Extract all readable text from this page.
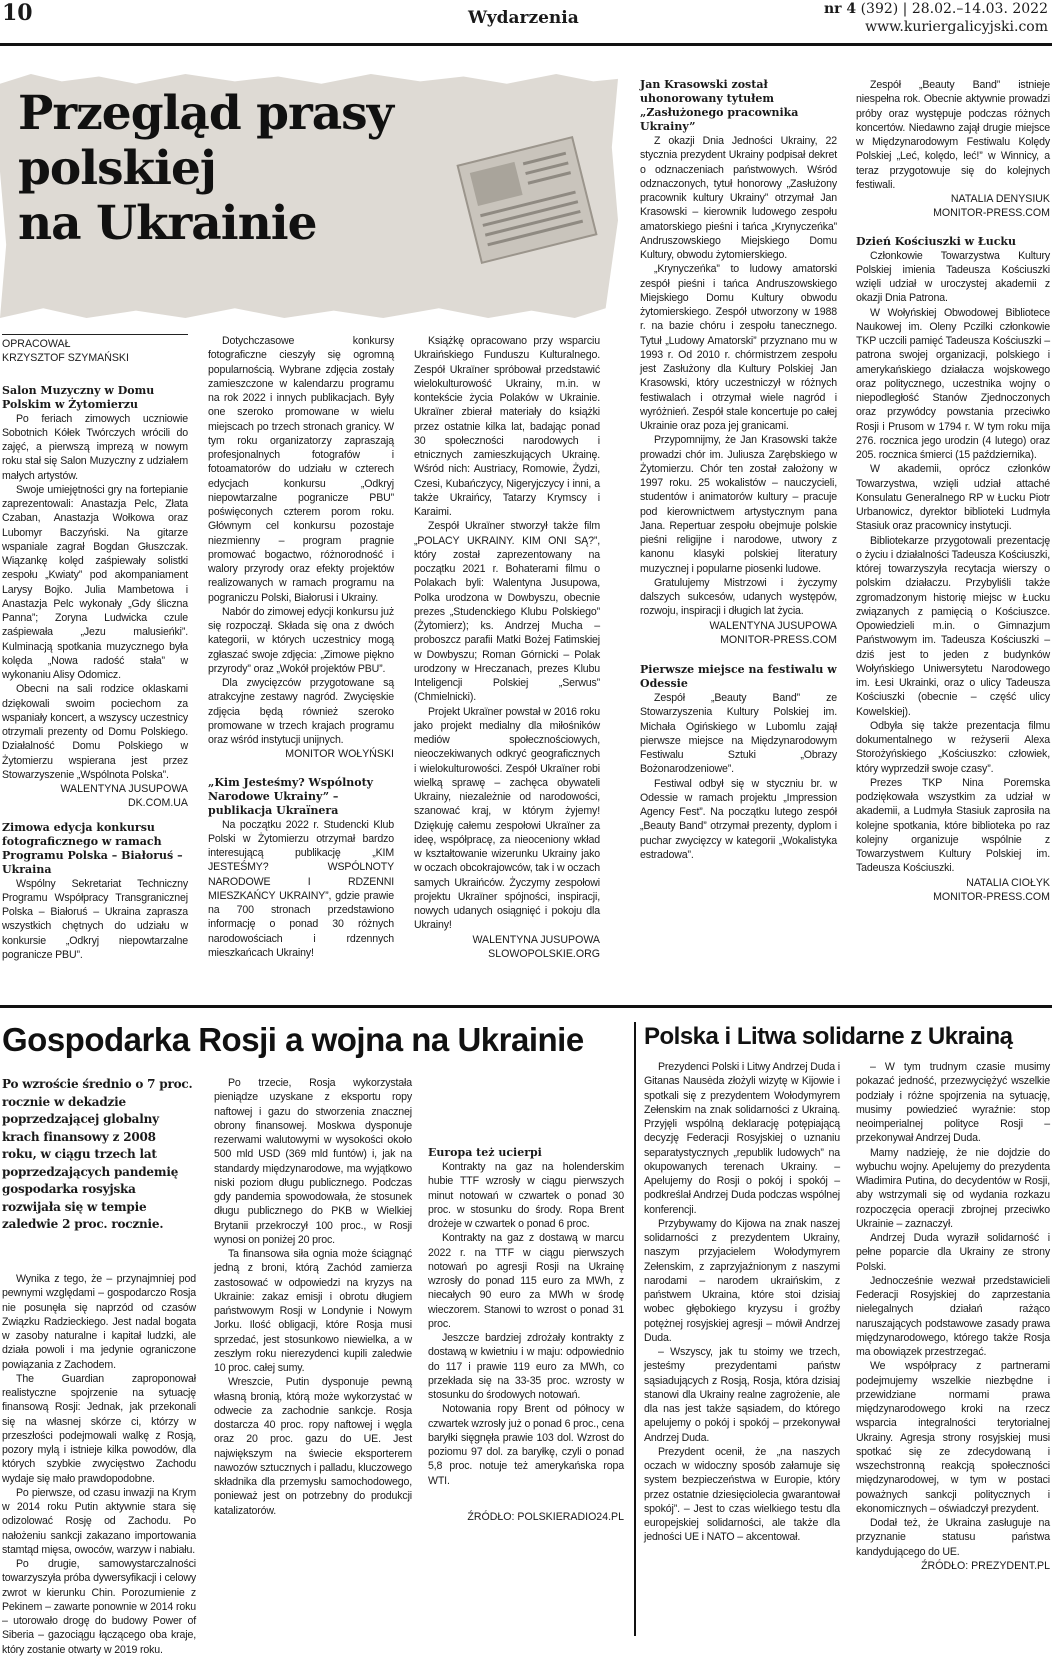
10	Wydarzenia	nr 4 (392) | 28.02.–14.03. 2022
www.kuriergalicyjski.com
Przegląd prasy
polskiej
na Ukrainie
OPRACOWAŁ
KRZYSZTOF SZYMAŃSKI
Salon Muzyczny w Domu Polskim w Żytomierzu

Po feriach zimowych uczniowie Sobotnich Kółek Twórczych wrócili do zajęć, a pierwszą imprezą w nowym roku stał się Salon Muzyczny z udziałem małych artystów.

Swoje umiejętności gry na fortepianie zaprezentowali: Anastazja Pelc, Złata Czaban, Anastazja Wołkowa oraz Lubomyr Baczyński. Na gitarze wspaniale zagrał Bogdan Głuszczak. Wiązankę kolęd zaśpiewały solistki zespołu „Kwiaty” pod akompaniament Larysy Bojko. Julia Mambetowa i Anastazja Pelc wykonały „Gdy śliczna Panna”; Zoryna Ludwicka czule zaśpiewała „Jezu malusieńki”. Kulminacją spotkania muzycznego była kolęda „Nowa radość stała” w wykonaniu Alisy Odomicz.

Obecni na sali rodzice oklaskami dziękowali swoim pociechom za wspaniały koncert, a wszyscy uczestnicy otrzymali prezenty od Domu Polskiego. Działalność Domu Polskiego w Żytomierzu wspierana jest przez Stowarzyszenie „Wspólnota Polska”.

WALENTYNA JUSUPOWA
DK.COM.UA
Zimowa edycja konkursu fotograficznego w ramach Programu Polska – Białoruś – Ukraina

Wspólny Sekretariat Techniczny Programu Współpracy Transgranicznej Polska – Białoruś – Ukraina zaprasza wszystkich chętnych do udziału w konkursie „Odkryj niepowtarzalne pogranicze PBU”.

Dotychczasowe konkursy fotograficzne cieszyły się ogromną popularnością. Wybrane zdjęcia zostały zamieszczone w kalendarzu programu na rok 2022 i innych publikacjach. Były one szeroko promowane w wielu miejscach po trzech stronach granicy. W tym roku organizatorzy zapraszają profesjonalnych fotografów i fotoamatorów do udziału w czterech edycjach konkursu „Odkryj niepowtarzalne pogranicze PBU” poświęconych czterem porom roku. Głównym cel konkursu pozostaje niezmienny – program pragnie promować bogactwo, różnorodność i walory przyrody oraz efekty projektów realizowanych w ramach programu na pograniczu Polski, Białorusi i Ukrainy.

Nabór do zimowej edycji konkursu już się rozpoczął. Składa się ona z dwóch kategorii, w których uczestnicy mogą zgłaszać swoje zdjęcia: „Zimowe piękno przyrody” oraz „Wokół projektów PBU”.

Dla zwycięzców przygotowane są atrakcyjne zestawy nagród. Zwycięskie zdjęcia będą również szeroko promowane w trzech krajach programu oraz wśród instytucji unijnych.

MONITOR WOŁYŃSKI
„Kim Jesteśmy? Wspólnoty Narodowe Ukrainy” – publikacja Ukraїnera

Na początku 2022 r. Studencki Klub Polski w Żytomierzu otrzymał bardzo interesującą publikację „KIM JESTEŚMY? WSPÓLNOTY NARODOWE I RDZENNI MIESZKAŃCY UKRAINY”, gdzie prawie na 700 stronach przedstawiono informację o ponad 30 różnych narodowościach i rdzennych mieszkańcach Ukrainy!

Książkę opracowano przy wsparciu Ukraińskiego Funduszu Kulturalnego. Zespół Ukraїner spróbował przedstawić wielokulturowość Ukrainy, m.in. w kontekście życia Polaków w Ukrainie. Ukraїner zbierał materiały do książki przez ostatnie kilka lat, badając ponad 30 społeczności narodowych i etnicznych zamieszkujących Ukrainę. Wśród nich: Austriacy, Romowie, Żydzi, Czesi, Kubańczycy, Nigeryjczycy i inni, a także Ukraińcy, Tatarzy Krymscy i Karaimi.

Zespół Ukraїner stworzył także film „POLACY UKRAINY. KIM ONI SĄ?”, który został zaprezentowany na początku 2021 r. Bohaterami filmu o Polakach byli: Walentyna Jusupowa, Polka urodzona w Dowbyszu, obecnie prezes „Studenckiego Klubu Polskiego” (Żytomierz); ks. Andrzej Mucha – proboszcz parafii Matki Bożej Fatimskiej w Dowbyszu; Roman Górnicki – Polak urodzony w Hreczanach, prezes Klubu Inteligencji Polskiej „Serwus” (Chmielnicki).

Projekt Ukraїner powstał w 2016 roku jako projekt medialny dla miłośników mediów społecznościowych, nieoczekiwanych odkryć geograficznych i wielokulturowości. Zespół Ukraїner robi wielką sprawę – zachęca obywateli Ukrainy, niezależnie od narodowości, szanować kraj, w którym żyjemy! Dziękuję całemu zespołowi Ukraїner za ideę, współpracę, za nieoceniony wkład w kształtowanie wizerunku Ukrainy jako w oczach obcokrajowców, tak i w oczach samych Ukraińców. Życzymy zespołowi projektu Ukraїner spójności, inspiracji, nowych udanych osiągnięć i pokoju dla Ukrainy!

WALENTYNA JUSUPOWA
SLOWOPOLSKIE.ORG
Jan Krasowski został uhonorowany tytułem „Zasłużonego pracownika Ukrainy”

Z okazji Dnia Jedności Ukrainy, 22 stycznia prezydent Ukrainy podpisał dekret o odznaczeniach państwowych. Wśród odznaczonych, tytuł honorowy „Zasłużony pracownik kultury Ukrainy” otrzymał Jan Krasowski – kierownik ludowego zespołu amatorskiego pieśni i tańca „Krynyczeńka” Andruszowskiego Miejskiego Domu Kultury, obwodu żytomierskiego.

„Krynyczeńka” to ludowy amatorski zespół pieśni i tańca Andruszowskiego Miejskiego Domu Kultury obwodu żytomierskiego. Zespół utworzony w 1988 r. na bazie chóru i zespołu tanecznego. Tytuł „Ludowy Amatorski” przyznano mu w 1993 r. Od 2010 r. chórmistrzem zespołu jest Zasłużony dla Kultury Polskiej Jan Krasowski, który uczestniczył w różnych festiwalach i otrzymał wiele nagród i wyróżnień. Zespół stale koncertuje po całej Ukrainie oraz poza jej granicami.

Przypomnijmy, że Jan Krasowski także prowadzi chór im. Juliusza Zarębskiego w Żytomierzu. Chór ten został założony w 1997 roku. 25 wokalistów – nauczycieli, studentów i animatorów kultury – pracuje pod kierownictwem artystycznym pana Jana. Repertuar zespołu obejmuje polskie pieśni religijne i narodowe, utwory z kanonu klasyki polskiej literatury muzycznej i popularne piosenki ludowe.

Gratulujemy Mistrzowi i życzymy dalszych sukcesów, udanych występów, rozwoju, inspiracji i długich lat życia.

WALENTYNA JUSUPOWA
MONITOR-PRESS.COM
Pierwsze miejsce na festiwalu w Odessie

Zespół „Beauty Band” ze Stowarzyszenia Kultury Polskiej im. Michała Ogińskiego w Lubomlu zajął pierwsze miejsce na Międzynarodowym Festiwalu Sztuki „Obrazy Bożonarodzeniowe”.

Festiwal odbył się w styczniu br. w Odessie w ramach projektu „Impression Agency Fest”. Na początku lutego zespół „Beauty Band” otrzymał prezenty, dyplom i puchar zwycięzcy w kategorii „Wokalistyka estradowa”.

Zespół „Beauty Band” istnieje niespełna rok. Obecnie aktywnie prowadzi próby oraz występuje podczas różnych koncertów. Niedawno zajął drugie miejsce w Międzynarodowym Festiwalu Kolędy Polskiej „Leć, kolędo, leć!” w Winnicy, a teraz przygotowuje się do kolejnych festiwali.

NATALIA DENYSIUK
MONITOR-PRESS.COM
Dzień Kościuszki w Łucku

Członkowie Towarzystwa Kultury Polskiej imienia Tadeusza Kościuszki wzięli udział w uroczystej akademii z okazji Dnia Patrona.

W Wołyńskiej Obwodowej Bibliotece Naukowej im. Oleny Pczilki członkowie TKP uczcili pamięć Tadeusza Kościuszki – patrona swojej organizacji, polskiego i amerykańskiego działacza wojskowego oraz politycznego, uczestnika wojny o niepodległość Stanów Zjednoczonych oraz przywódcy powstania przeciwko Rosji i Prusom w 1794 r. W tym roku mija 276. rocznica jego urodzin (4 lutego) oraz 205. rocznica śmierci (15 października).

W akademii, oprócz członków Towarzystwa, wzięli udział attaché Konsulatu Generalnego RP w Łucku Piotr Urbanowicz, dyrektor biblioteki Ludmyła Stasiuk oraz pracownicy instytucji.

Bibliotekarze przygotowali prezentację o życiu i działalności Tadeusza Kościuszki, której towarzyszyła recytacja wierszy o polskim działaczu. Przybyliśli także zgromadzonym historię miejsc w Łucku związanych z pamięcią o Kościuszce. Opowiedzieli m.in. o Gimnazjum Państwowym im. Tadeusza Kościuszki – dziś jest to jeden z budynków Wołyńskiego Uniwersytetu Narodowego im. Łesi Ukrainki, oraz o ulicy Tadeusza Kościuszki (obecnie – część ulicy Kowelskiej).

Odbyła się także prezentacja filmu dokumentalnego w reżyserii Alexa Storożyńskiego „Kościuszko: człowiek, który wyprzedził swoje czasy”.

Prezes TKP Nina Poremska podziękowała wszystkim za udział w akademii, a Ludmyła Stasiuk zaprosiła na kolejne spotkania, które biblioteka po raz kolejny organizuje wspólnie z Towarzystwem Kultury Polskiej im. Tadeusza Kościuszki.

NATALIA CIOŁYK
MONITOR-PRESS.COM
Gospodarka Rosji a wojna na Ukrainie
Po wzroście średnio o 7 proc. rocznie w dekadzie poprzedzającej globalny krach finansowy z 2008 roku, w ciągu trzech lat poprzedzających pandemię gospodarka rosyjska rozwijała się w tempie zaledwie 2 proc. rocznie.

Wynika z tego, że – przynajmniej pod pewnymi względami – gospodarczo Rosja nie posunęła się naprzód od czasów Związku Radzieckiego. Jest nadal bogata w zasoby naturalne i kapitał ludzki, ale działa powoli i ma jedynie ograniczone powiązania z Zachodem.

The Guardian zaproponował realistyczne spojrzenie na sytuację finansową Rosji: Jednak, jak przekonali się na własnej skórze ci, którzy w przeszłości podejmowali walkę z Rosją, pozory mylą i istnieje kilka powodów, dla których szybkie zwycięstwo Zachodu wydaje się mało prawdopodobne.

Po pierwsze, od czasu inwazji na Krym w 2014 roku Putin aktywnie stara się odizolować Rosję od Zachodu. Po nałożeniu sankcji zakazano importowania stamtąd mięsa, owoców, warzyw i nabiału.

Po drugie, samowystarczalności towarzyszyła próba dywersyfikacji i celowy zwrot w kierunku Chin. Porozumienie z Pekinem – zawarte ponownie w 2014 roku – utorowało drogę do budowy Power of Siberia – gazociągu łączącego oba kraje, który zostanie otwarty w 2019 roku.

Po trzecie, Rosja wykorzystała pieniądze uzyskane z eksportu ropy naftowej i gazu do stworzenia znacznej obrony finansowej. Moskwa dysponuje rezerwami walutowymi w wysokości około 500 mld USD (369 mld funtów) i, jak na standardy międzynarodowe, ma wyjątkowo niski poziom długu publicznego. Podczas gdy pandemia spowodowała, że stosunek długu publicznego do PKB w Wielkiej Brytanii przekroczył 100 proc., w Rosji wynosi on poniżej 20 proc.

Ta finansowa siła ognia może ściągnąć jedną z broni, którą Zachód zamierza zastosować w odpowiedzi na kryzys na Ukrainie: zakaz emisji i obrotu długiem państwowym Rosji w Londynie i Nowym Jorku. Ilość obligacji, które Rosja musi sprzedać, jest stosunkowo niewielka, a w zeszłym roku nierezydenci kupili zaledwie 10 proc. całej sumy.

Wreszcie, Putin dysponuje pewną własną bronią, którą może wykorzystać w odwecie za zachodnie sankcje. Rosja dostarcza 40 proc. ropy naftowej i węgla oraz 20 proc. gazu do UE. Jest największym na świecie eksporterem nawozów sztucznych i palladu, kluczowego składnika dla przemysłu samochodowego, ponieważ jest on potrzebny do produkcji katalizatorów.

Europa też ucierpi

Kontrakty na gaz na holenderskim hubie TTF wzrosły w ciągu pierwszych minut notowań w czwartek o ponad 30 proc. w stosunku do środy. Ropa Brent drożeje w czwartek o ponad 6 proc.

Kontrakty na gaz z dostawą w marcu 2022 r. na TTF w ciągu pierwszych notowań po agresji Rosji na Ukrainę wzrosły do ponad 115 euro za MWh, z niecałych 90 euro za MWh w środę wieczorem. Stanowi to wzrost o ponad 31 proc.

Jeszcze bardziej zdrożały kontrakty z dostawą w kwietniu i w maju: odpowiednio do 117 i prawie 119 euro za MWh, co przekłada się na 33-35 proc. wzrosty w stosunku do środowych notowań.

Notowania ropy Brent od północy w czwartek wzrosły już o ponad 6 proc., cena baryłki sięgnęła prawie 103 dol. Wzrost do poziomu 97 dol. za baryłkę, czyli o ponad 5,8 proc. notuje też amerykańska ropa WTI.

ŹRÓDŁO: POLSKIERADIO24.PL
Polska i Litwa solidarne z Ukrainą

Prezydenci Polski i Litwy Andrzej Duda i Gitanas Nausėda złożyli wizytę w Kijowie i spotkali się z prezydentem Wołodymyrem Zełenskim na znak solidarności z Ukrainą. Przyjęli wspólną deklarację potępiającą decyzję Federacji Rosyjskiej o uznaniu separatystycznych „republik ludowych” na okupowanych terenach Ukrainy. – Apelujemy do Rosji o pokój i spokój – podkreślał Andrzej Duda podczas wspólnej konferencji.

Przybywamy do Kijowa na znak naszej solidarności z prezydentem Ukrainy, naszym przyjacielem Wołodymyrem Zełenskim, z zaprzyjaźnionym z naszymi narodami – narodem ukraińskim, z państwem Ukraina, które stoi dzisiaj wobec głębokiego kryzysu i groźby potężnej rosyjskiej agresji – mówił Andrzej Duda.

– Wszyscy, jak tu stoimy we trzech, jesteśmy prezydentami państw sąsiadujących z Rosją, Rosja, która dzisiaj stanowi dla Ukrainy realne zagrożenie, ale dla nas jest także sąsiadem, do którego apelujemy o pokój i spokój – przekonywał Andrzej Duda.

Prezydent ocenił, że „na naszych oczach w widoczny sposób załamuje się system bezpieczeństwa w Europie, który przez ostatnie dziesięciolecia gwarantował spokój”. – Jest to czas wielkiego testu dla europejskiej solidarności, ale także dla jedności UE i NATO – akcentował.

– W tym trudnym czasie musimy pokazać jedność, przezwyciężyć wszelkie podziały i różne spojrzenia na sytuację, musimy powiedzieć wyraźnie: stop neoimperialnej polityce Rosji – przekonywał Andrzej Duda.

Mamy nadzieję, że nie dojdzie do wybuchu wojny. Apelujemy do prezydenta Władimira Putina, do decydentów w Rosji, aby wstrzymali się od wydania rozkazu rozpoczęcia operacji zbrojnej przeciwko Ukrainie – zaznaczył.

Andrzej Duda wyraził solidarność i pełne poparcie dla Ukrainy ze strony Polski.

Jednocześnie wezwał przedstawicieli Federacji Rosyjskiej do zaprzestania nielegalnych działań rażąco naruszających podstawowe zasady prawa międzynarodowego, którego także Rosja ma obowiązek przestrzegać.

We współpracy z partnerami podejmujemy wszelkie niezbędne i przewidziane normami prawa międzynarodowego kroki na rzecz wsparcia integralności terytorialnej Ukrainy. Agresja strony rosyjskiej musi spotkać się ze zdecydowaną i wszechstronną reakcją społeczności międzynarodowej, w tym w postaci poważnych sankcji politycznych i ekonomicznych – oświadczył prezydent.

Dodał też, że Ukraina zasługuje na przyznanie statusu państwa kandydującego do UE.

ŹRÓDŁO: PREZYDENT.PL
